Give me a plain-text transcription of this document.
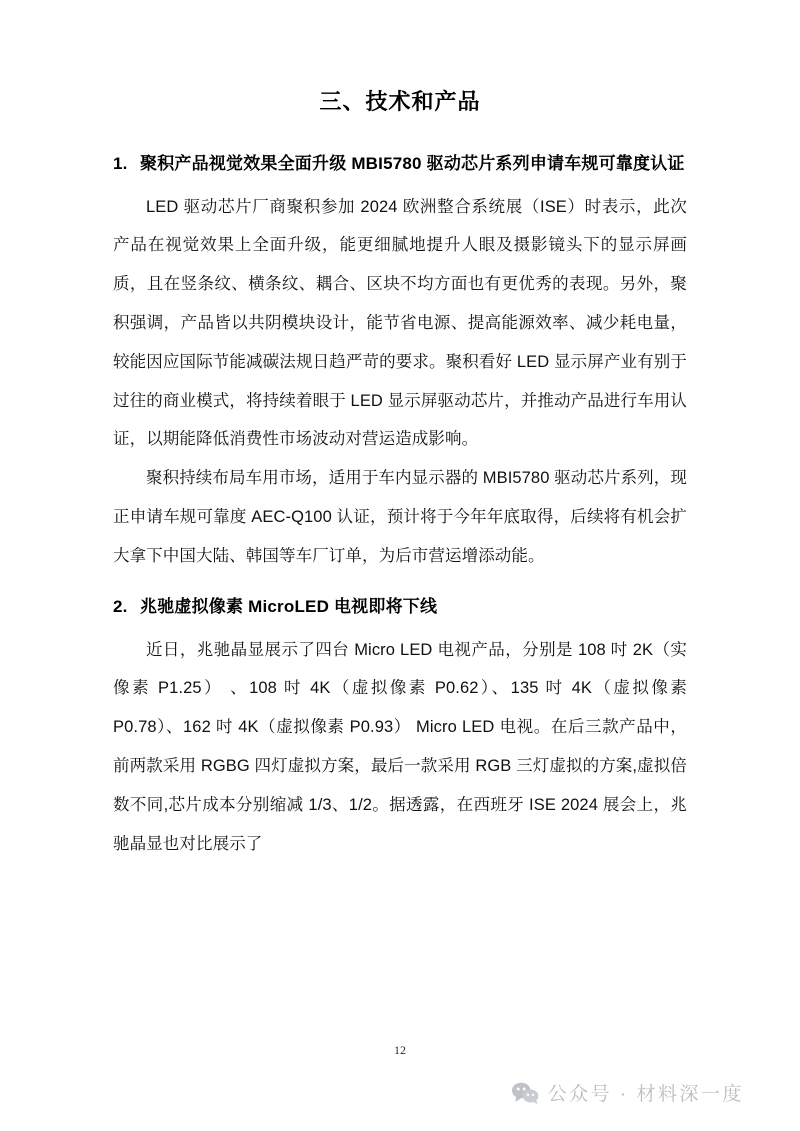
三、技术和产品
1. 聚积产品视觉效果全面升级 MBI5780 驱动芯片系列申请车规可靠度认证

LED 驱动芯片厂商聚积参加 2024 欧洲整合系统展（ISE）时表示，此次产品在视觉效果上全面升级，能更细腻地提升人眼及摄影镜头下的显示屏画质，且在竖条纹、横条纹、耦合、区块不均方面也有更优秀的表现。另外，聚积强调，产品皆以共阴模块设计，能节省电源、提高能源效率、减少耗电量，较能因应国际节能减碳法规日趋严苛的要求。聚积看好 LED 显示屏产业有别于过往的商业模式，将持续着眼于 LED 显示屏驱动芯片，并推动产品进行车用认证，以期能降低消费性市场波动对营运造成影响。

聚积持续布局车用市场，适用于车内显示器的 MBI5780 驱动芯片系列，现正申请车规可靠度 AEC-Q100 认证，预计将于今年年底取得，后续将有机会扩大拿下中国大陆、韩国等车厂订单，为后市营运增添动能。

2. 兆驰虚拟像素 MicroLED 电视即将下线

近日，兆驰晶显展示了四台 Micro LED 电视产品，分别是 108 吋 2K（实像素 P1.25） 、108 吋 4K（虚拟像素 P0.62）、135 吋 4K（虚拟像素 P0.78）、162 吋 4K（虚拟像素 P0.93） Micro LED 电视。在后三款产品中，前两款采用 RGBG 四灯虚拟方案，最后一款采用 RGB 三灯虚拟的方案,虚拟倍数不同,芯片成本分别缩减 1/3、1/2。据透露，在西班牙 ISE 2024 展会上，兆驰晶显也对比展示了

12
公众号 · 材料深一度
